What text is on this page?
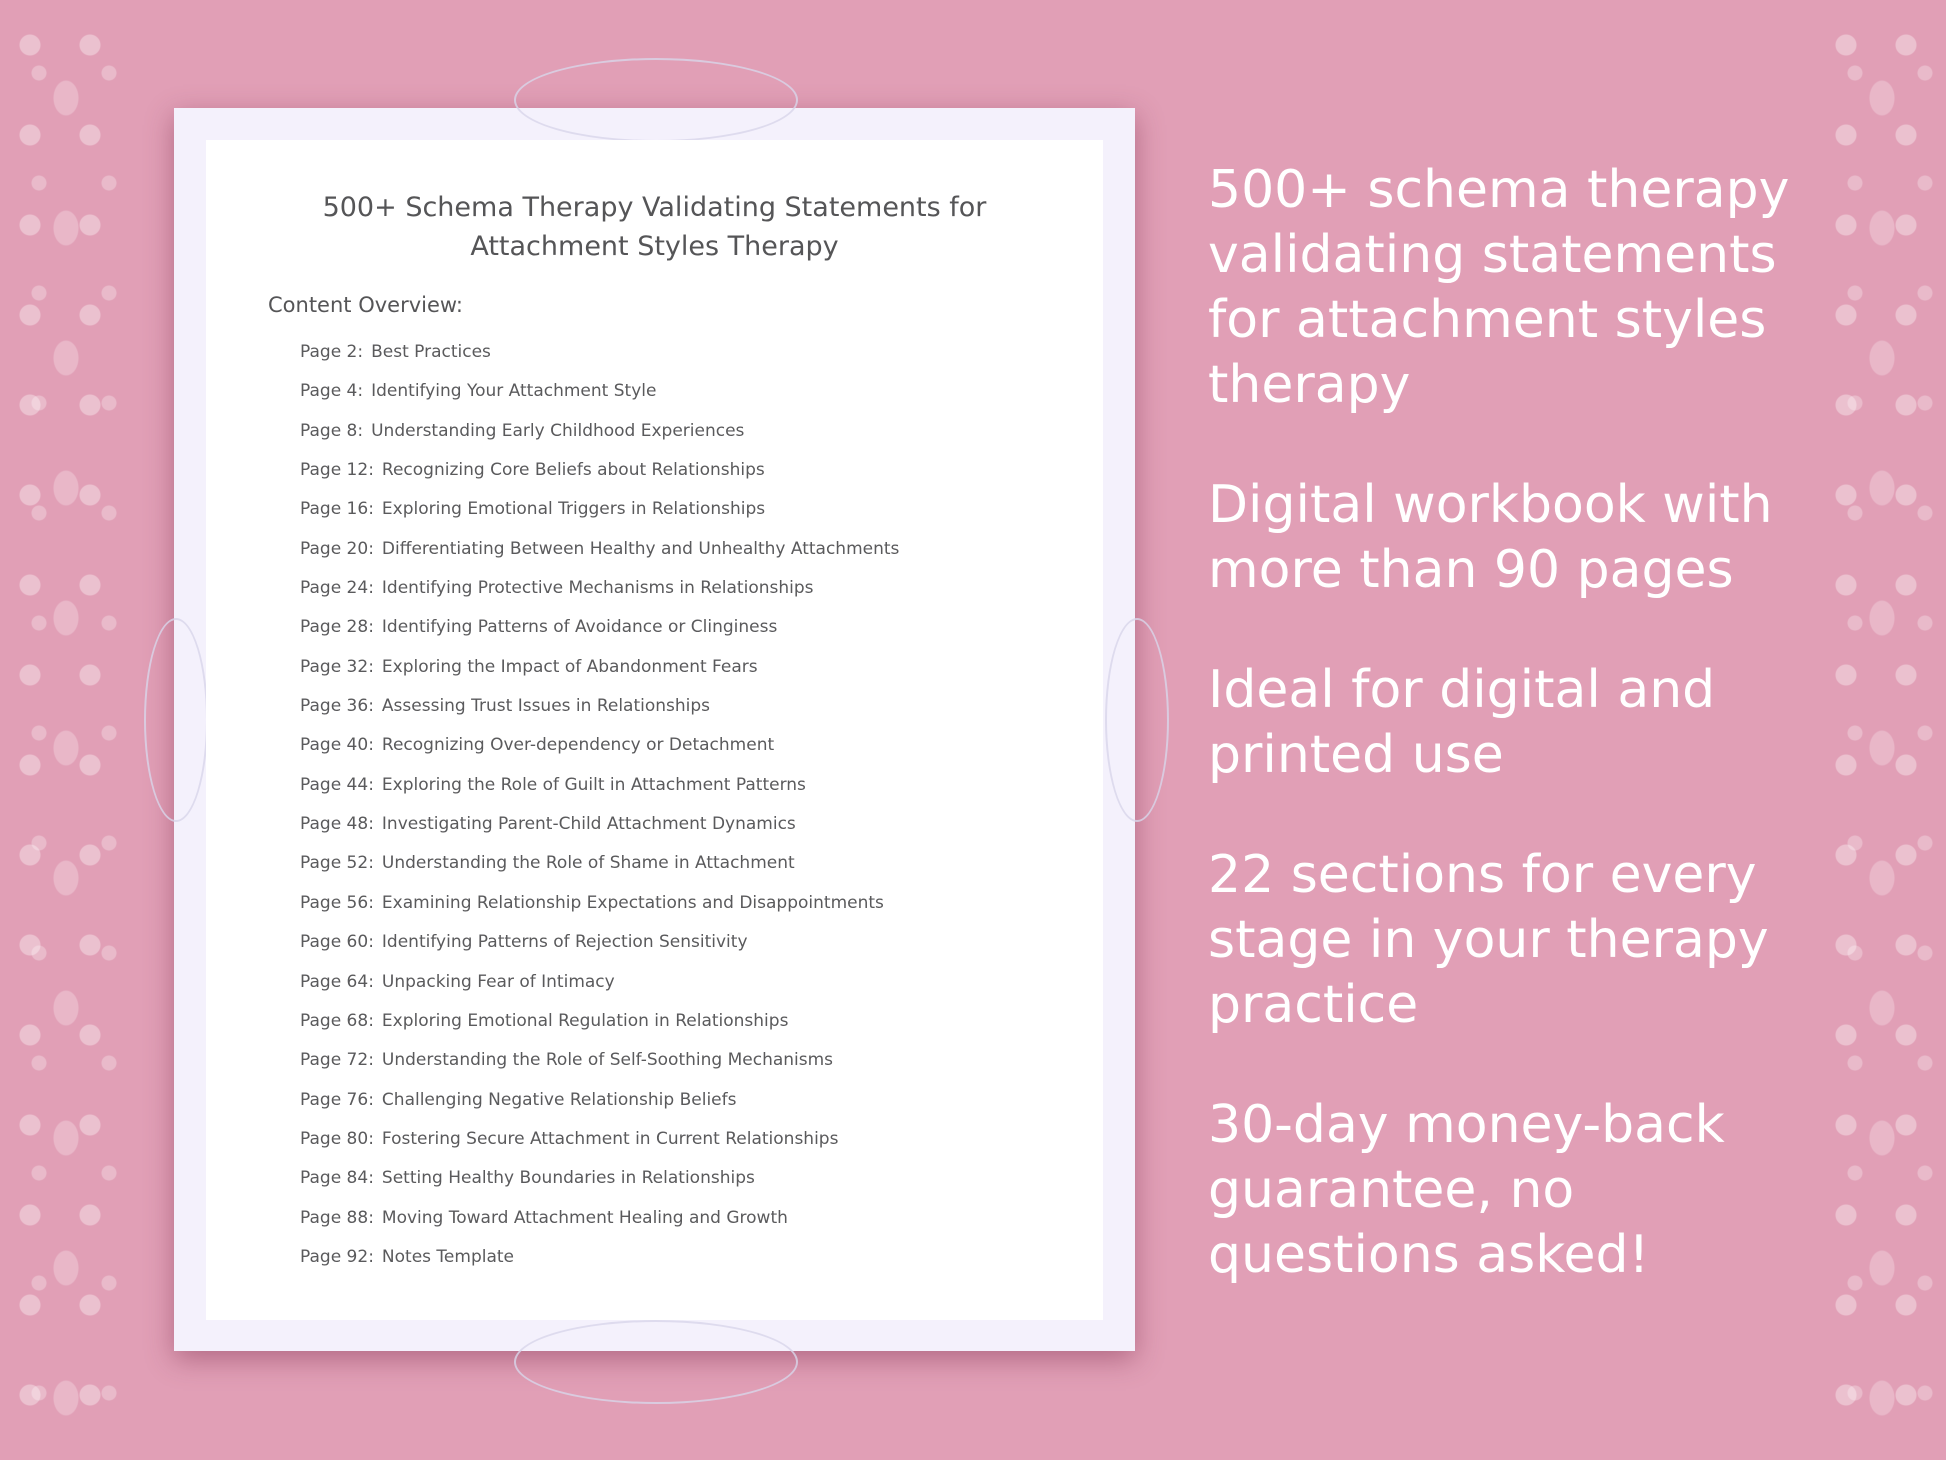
500+ Schema Therapy Validating Statements for
Attachment Styles Therapy
Content Overview:
Page 2: Best Practices
Page 4: Identifying Your Attachment Style
Page 8: Understanding Early Childhood Experiences
Page 12: Recognizing Core Beliefs about Relationships
Page 16: Exploring Emotional Triggers in Relationships
Page 20: Differentiating Between Healthy and Unhealthy Attachments
Page 24: Identifying Protective Mechanisms in Relationships
Page 28: Identifying Patterns of Avoidance or Clinginess
Page 32: Exploring the Impact of Abandonment Fears
Page 36: Assessing Trust Issues in Relationships
Page 40: Recognizing Over-dependency or Detachment
Page 44: Exploring the Role of Guilt in Attachment Patterns
Page 48: Investigating Parent-Child Attachment Dynamics
Page 52: Understanding the Role of Shame in Attachment
Page 56: Examining Relationship Expectations and Disappointments
Page 60: Identifying Patterns of Rejection Sensitivity
Page 64: Unpacking Fear of Intimacy
Page 68: Exploring Emotional Regulation in Relationships
Page 72: Understanding the Role of Self-Soothing Mechanisms
Page 76: Challenging Negative Relationship Beliefs
Page 80: Fostering Secure Attachment in Current Relationships
Page 84: Setting Healthy Boundaries in Relationships
Page 88: Moving Toward Attachment Healing and Growth
Page 92: Notes Template

500+ schema therapy
validating statements
for attachment styles
therapy

Digital workbook with
more than 90 pages

Ideal for digital and
printed use

22 sections for every
stage in your therapy
practice

30-day money-back
guarantee, no
questions asked!
